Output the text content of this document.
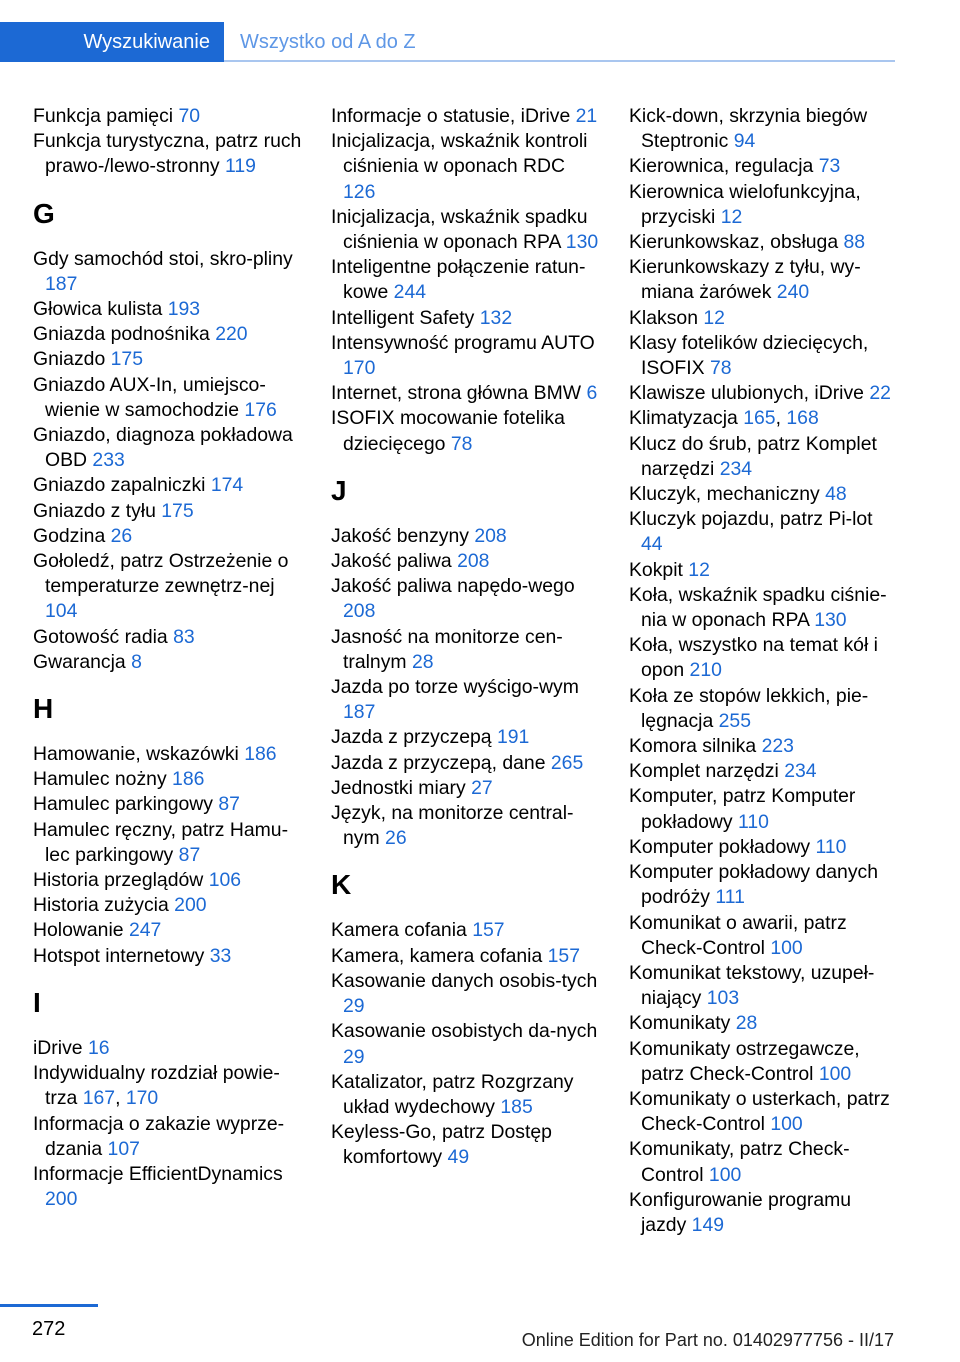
Wyszukiwanie	Wszystko od A do Z
Funkcja pamięci 70
Funkcja turystyczna, patrz ruch prawo-/lewo-stronny 119
G
Gdy samochód stoi, skro-pliny 187
Głowica kulista 193
Gniazda podnośnika 220
Gniazdo 175
Gniazdo AUX-In, umiejsco-wienie w samochodzie 176
Gniazdo, diagnoza pokładowa OBD 233
Gniazdo zapalniczki 174
Gniazdo z tyłu 175
Godzina 26
Gołoledź, patrz Ostrzeżenie o temperaturze zewnętrz-nej 104
Gotowość radia 83
Gwarancja 8
H
Hamowanie, wskazówki 186
Hamulec nożny 186
Hamulec parkingowy 87
Hamulec ręczny, patrz Hamu-lec parkingowy 87
Historia przeglądów 106
Historia zużycia 200
Holowanie 247
Hotspot internetowy 33
I
iDrive 16
Indywidualny rozdział powie-trza 167, 170
Informacja o zakazie wyprze-dzania 107
Informacje EfficientDynamics 200
Informacje o statusie, iDrive 21
Inicjalizacja, wskaźnik kontroli ciśnienia w oponach RDC 126
Inicjalizacja, wskaźnik spadku ciśnienia w oponach RPA 130
Inteligentne połączenie ratun-kowe 244
Intelligent Safety 132
Intensywność programu AUTO 170
Internet, strona główna BMW 6
ISOFIX mocowanie fotelika dziecięcego 78
J
Jakość benzyny 208
Jakość paliwa 208
Jakość paliwa napędo-wego 208
Jasność na monitorze cen-tralnym 28
Jazda po torze wyścigo-wym 187
Jazda z przyczepą 191
Jazda z przyczepą, dane 265
Jednostki miary 27
Język, na monitorze central-nym 26
K
Kamera cofania 157
Kamera, kamera cofania 157
Kasowanie danych osobis-tych 29
Kasowanie osobistych da-nych 29
Katalizator, patrz Rozgrzany układ wydechowy 185
Keyless-Go, patrz Dostęp komfortowy 49
Kick-down, skrzynia biegów Steptronic 94
Kierownica, regulacja 73
Kierownica wielofunkcyjna, przyciski 12
Kierunkowskaz, obsługa 88
Kierunkowskazy z tyłu, wy-miana żarówek 240
Klakson 12
Klasy fotelików dziecięcych, ISOFIX 78
Klawisze ulubionych, iDrive 22
Klimatyzacja 165, 168
Klucz do śrub, patrz Komplet narzędzi 234
Kluczyk, mechaniczny 48
Kluczyk pojazdu, patrz Pi-lot 44
Kokpit 12
Koła, wskaźnik spadku ciśnie-nia w oponach RPA 130
Koła, wszystko na temat kół i opon 210
Koła ze stopów lekkich, pie-lęgnacja 255
Komora silnika 223
Komplet narzędzi 234
Komputer, patrz Komputer pokładowy 110
Komputer pokładowy 110
Komputer pokładowy danych podróży 111
Komunikat o awarii, patrz Check-Control 100
Komunikat tekstowy, uzupeł-niający 103
Komunikaty 28
Komunikaty ostrzegawcze, patrz Check-Control 100
Komunikaty o usterkach, patrz Check-Control 100
Komunikaty, patrz Check-Control 100
Konfigurowanie programu jazdy 149
272	Online Edition for Part no. 01402977756 - II/17
